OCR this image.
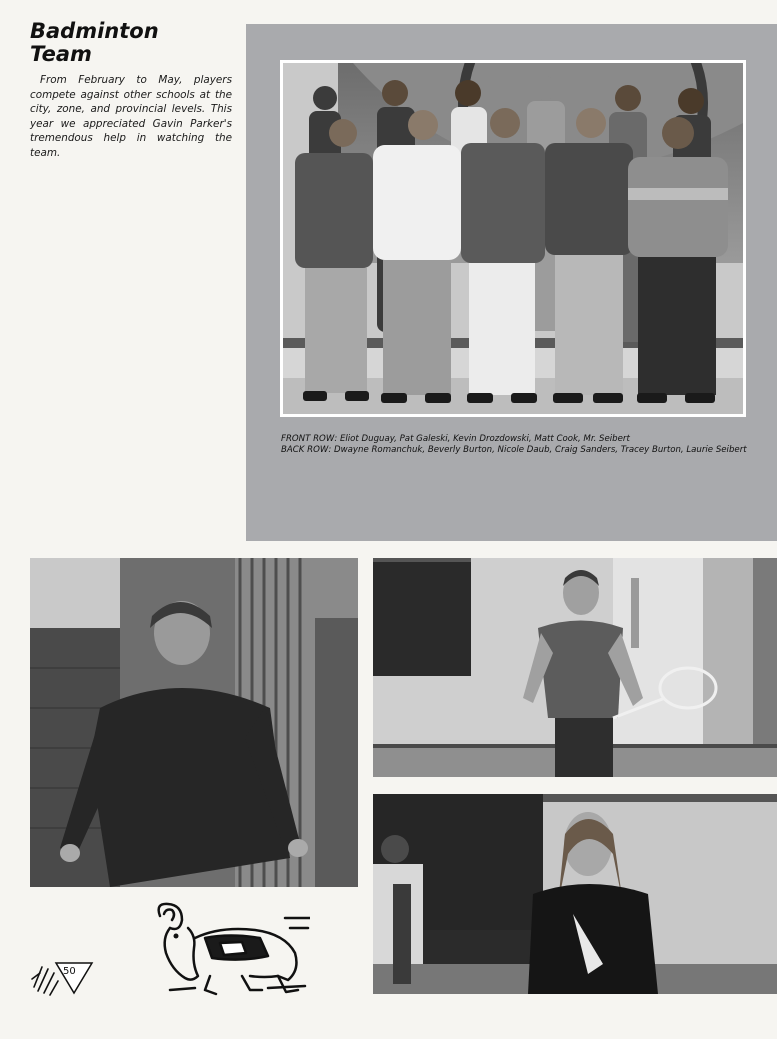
Badminton
Team

From February to May, players compete against other schools at the city, zone, and provincial levels. This year we appreciated Gavin Parker's tremendous help in watching the team.

FRONT ROW: Eliot Duguay, Pat Galeski, Kevin Drozdowski, Matt Cook, Mr. Seibert
BACK ROW: Dwayne Romanchuk, Beverly Burton, Nicole Daub, Craig Sanders, Tracey Burton, Laurie Seibert
50
